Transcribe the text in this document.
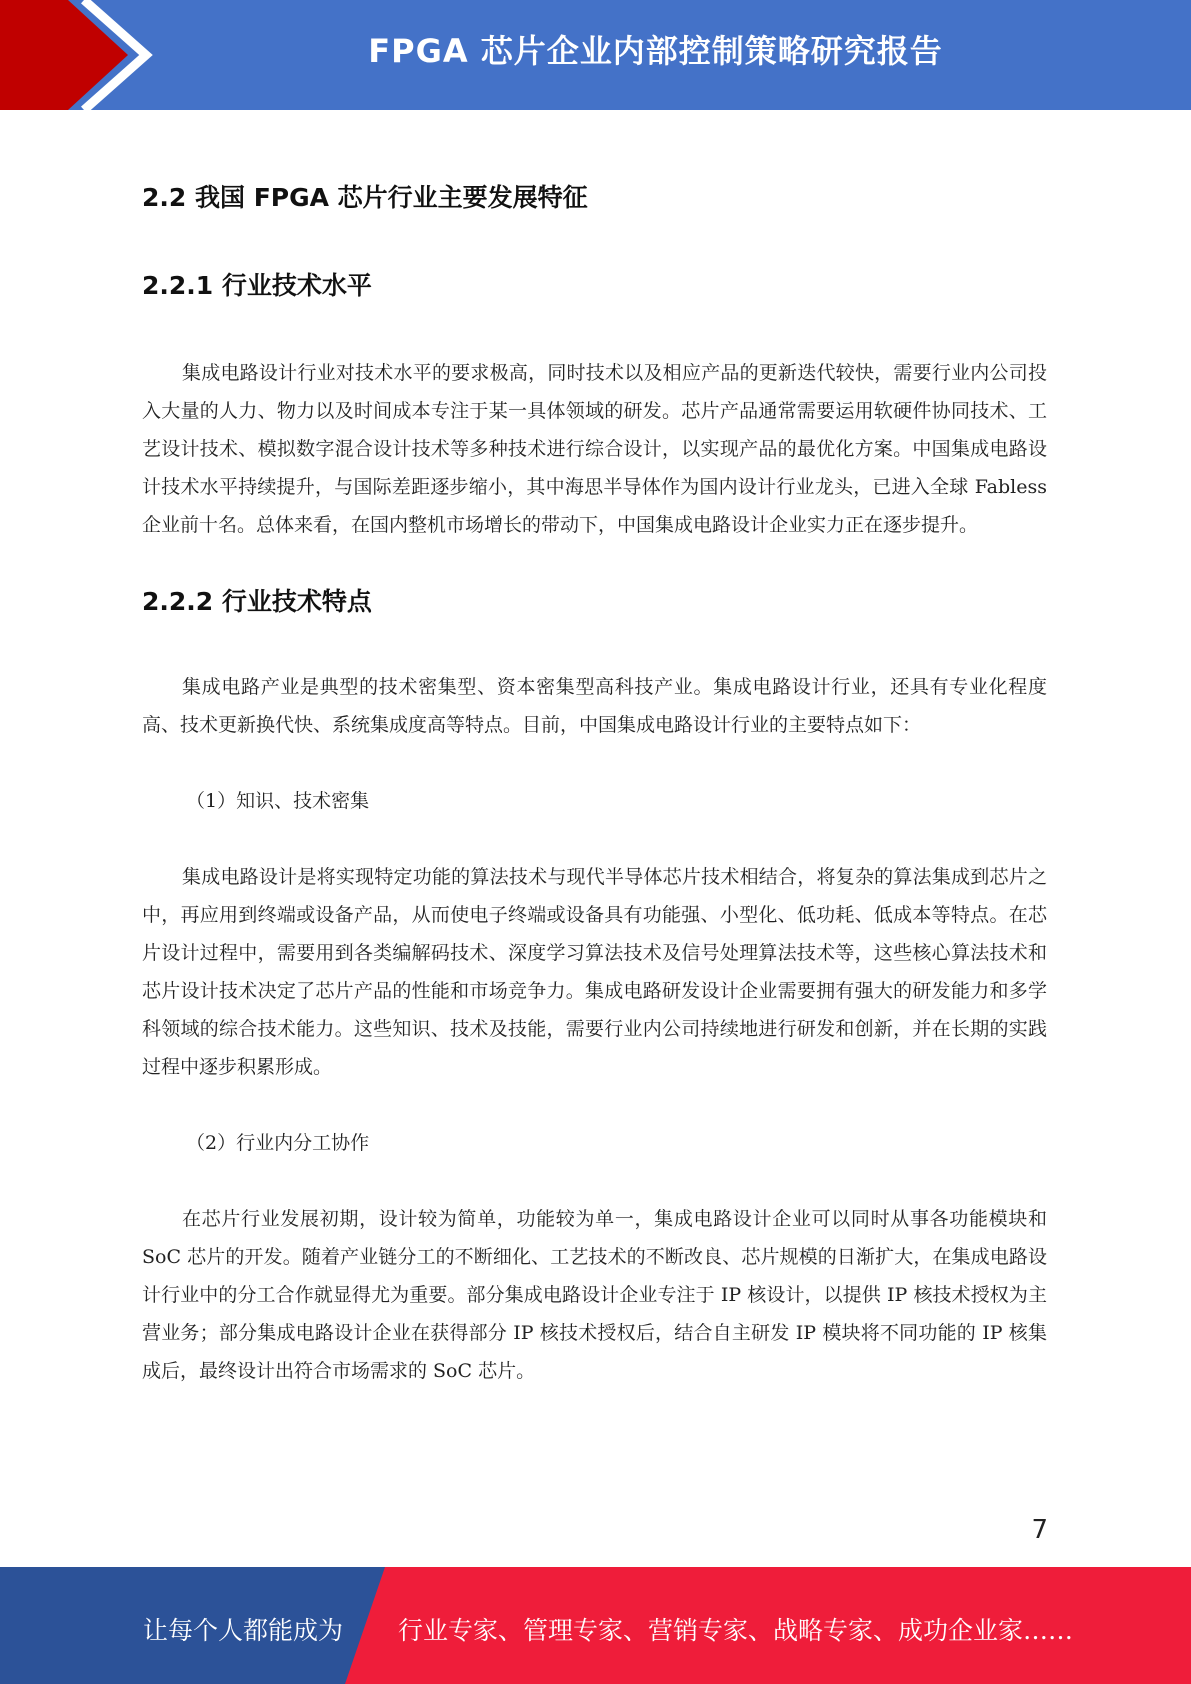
FPGA 芯片企业内部控制策略研究报告
2.2 我国 FPGA 芯片行业主要发展特征
2.2.1 行业技术水平

集成电路设计行业对技术水平的要求极高，同时技术以及相应产品的更新迭代较快，需要行业内公司投入大量的人力、物力以及时间成本专注于某一具体领域的研发。芯片产品通常需要运用软硬件协同技术、工艺设计技术、模拟数字混合设计技术等多种技术进行综合设计，以实现产品的最优化方案。中国集成电路设计技术水平持续提升，与国际差距逐步缩小，其中海思半导体作为国内设计行业龙头，已进入全球 Fabless 企业前十名。总体来看，在国内整机市场增长的带动下，中国集成电路设计企业实力正在逐步提升。

2.2.2 行业技术特点

集成电路产业是典型的技术密集型、资本密集型高科技产业。集成电路设计行业，还具有专业化程度高、技术更新换代快、系统集成度高等特点。目前，中国集成电路设计行业的主要特点如下：

（1）知识、技术密集

集成电路设计是将实现特定功能的算法技术与现代半导体芯片技术相结合，将复杂的算法集成到芯片之中，再应用到终端或设备产品，从而使电子终端或设备具有功能强、小型化、低功耗、低成本等特点。在芯片设计过程中，需要用到各类编解码技术、深度学习算法技术及信号处理算法技术等，这些核心算法技术和芯片设计技术决定了芯片产品的性能和市场竞争力。集成电路研发设计企业需要拥有强大的研发能力和多学科领域的综合技术能力。这些知识、技术及技能，需要行业内公司持续地进行研发和创新，并在长期的实践过程中逐步积累形成。

（2）行业内分工协作

在芯片行业发展初期，设计较为简单，功能较为单一，集成电路设计企业可以同时从事各功能模块和 SoC 芯片的开发。随着产业链分工的不断细化、工艺技术的不断改良、芯片规模的日渐扩大，在集成电路设计行业中的分工合作就显得尤为重要。部分集成电路设计企业专注于 IP 核设计，以提供 IP 核技术授权为主营业务；部分集成电路设计企业在获得部分 IP 核技术授权后，结合自主研发 IP 模块将不同功能的 IP 核集成后，最终设计出符合市场需求的 SoC 芯片。

7
让每个人都能成为 行业专家、管理专家、营销专家、战略专家、成功企业家……
